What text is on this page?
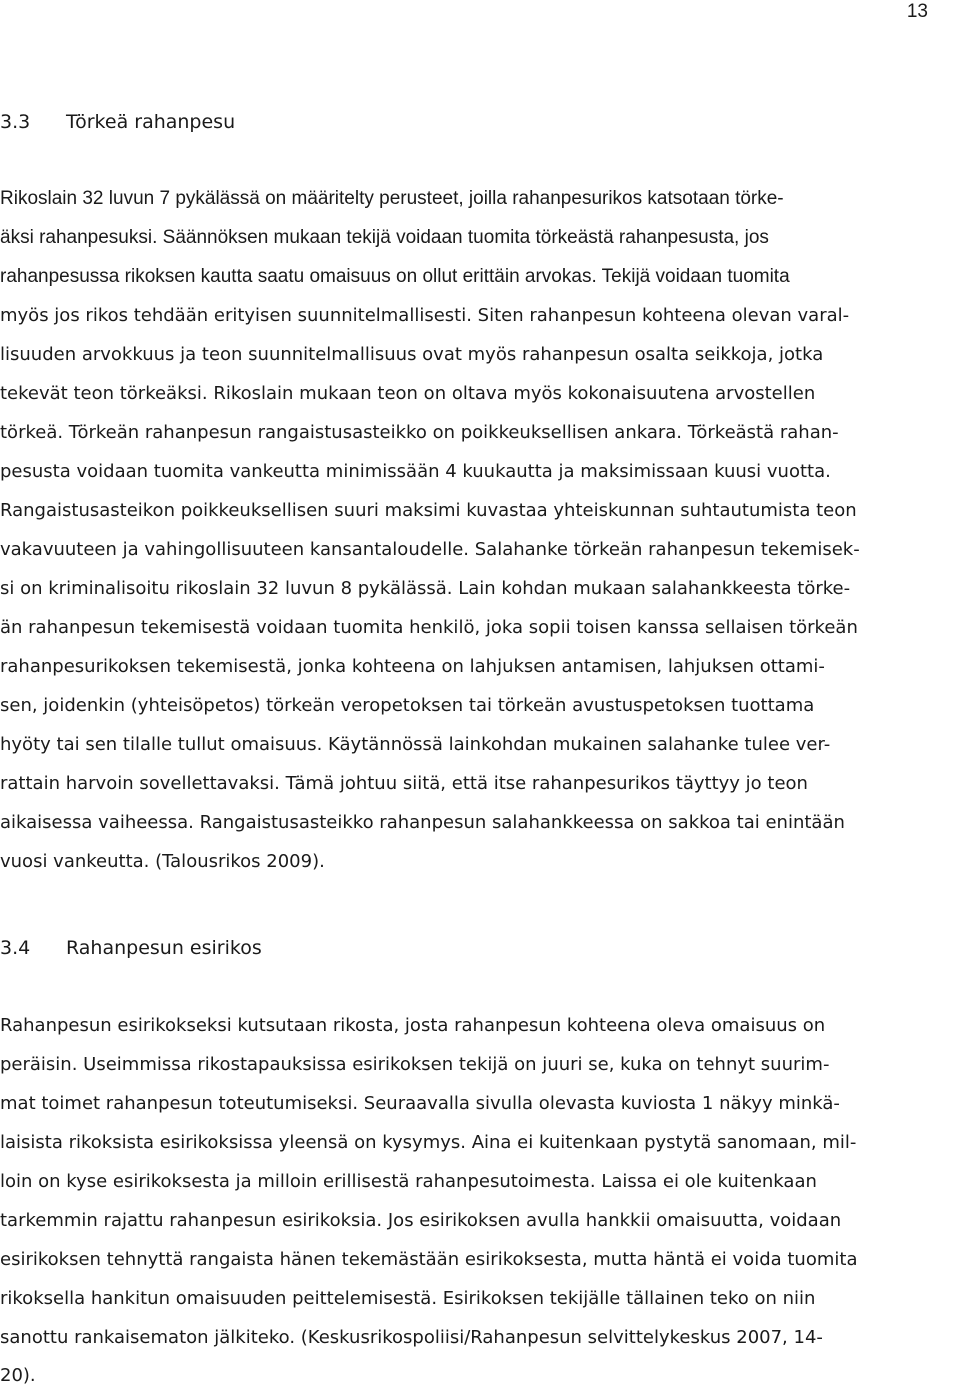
13
3.3 Törkeä rahanpesu
Rikoslain 32 luvun 7 pykälässä on määritelty perusteet, joilla rahanpesurikos katsotaan törke-
äksi rahanpesuksi. Säännöksen mukaan tekijä voidaan tuomita törkeästä rahanpesusta, jos
rahanpesussa rikoksen kautta saatu omaisuus on ollut erittäin arvokas. Tekijä voidaan tuomita
myös jos rikos tehdään erityisen suunnitelmallisesti. Siten rahanpesun kohteena olevan varal-
lisuuden arvokkuus ja teon suunnitelmallisuus ovat myös rahanpesun osalta seikkoja, jotka
tekevät teon törkeäksi. Rikoslain mukaan teon on oltava myös kokonaisuutena arvostellen
törkeä. Törkeän rahanpesun rangaistusasteikko on poikkeuksellisen ankara. Törkeästä rahan-
pesusta voidaan tuomita vankeutta minimissään 4 kuukautta ja maksimissaan kuusi vuotta.
Rangaistusasteikon poikkeuksellisen suuri maksimi kuvastaa yhteiskunnan suhtautumista teon
vakavuuteen ja vahingollisuuteen kansantaloudelle. Salahanke törkeän rahanpesun tekemisek-
si on kriminalisoitu rikoslain 32 luvun 8 pykälässä. Lain kohdan mukaan salahankkeesta törke-
än rahanpesun tekemisestä voidaan tuomita henkilö, joka sopii toisen kanssa sellaisen törkeän
rahanpesurikoksen tekemisestä, jonka kohteena on lahjuksen antamisen, lahjuksen ottami-
sen, joidenkin (yhteisöpetos) törkeän veropetoksen tai törkeän avustuspetoksen tuottama
hyöty tai sen tilalle tullut omaisuus. Käytännössä lainkohdan mukainen salahanke tulee ver-
rattain harvoin sovellettavaksi. Tämä johtuu siitä, että itse rahanpesurikos täyttyy jo teon
aikaisessa vaiheessa. Rangaistusasteikko rahanpesun salahankkeessa on sakkoa tai enintään
vuosi vankeutta. (Talousrikos 2009).
3.4 Rahanpesun esirikos
Rahanpesun esirikokseksi kutsutaan rikosta, josta rahanpesun kohteena oleva omaisuus on
peräisin. Useimmissa rikostapauksissa esirikoksen tekijä on juuri se, kuka on tehnyt suurim-
mat toimet rahanpesun toteutumiseksi. Seuraavalla sivulla olevasta kuviosta 1 näkyy minkä-
laisista rikoksista esirikoksissa yleensä on kysymys. Aina ei kuitenkaan pystytä sanomaan, mil-
loin on kyse esirikoksesta ja milloin erillisestä rahanpesutoimesta. Laissa ei ole kuitenkaan
tarkemmin rajattu rahanpesun esirikoksia. Jos esirikoksen avulla hankkii omaisuutta, voidaan
esirikoksen tehnyttä rangaista hänen tekemästään esirikoksesta, mutta häntä ei voida tuomita
rikoksella hankitun omaisuuden peittelemisestä. Esirikoksen tekijälle tällainen teko on niin
sanottu rankaisematon jälkiteko. (Keskusrikospoliisi/Rahanpesun selvittelykeskus 2007, 14-
20).
